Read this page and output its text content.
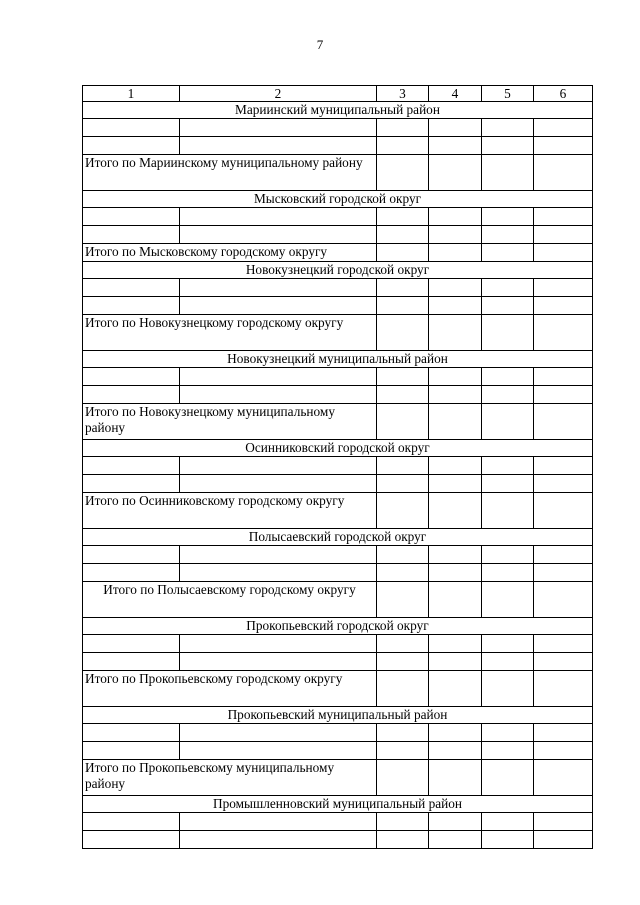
7
1	2	3	4	5	6
Мариинский муниципальный район					

Итого по Мариинскому муниципальному району					
Мысковский городской округ					

Итого по Мысковскому городскому округу					
Новокузнецкий городской округ					

Итого по Новокузнецкому городскому округу					
Новокузнецкий муниципальный район					

Итого по Новокузнецкому муниципальному району					
Осинниковский городской округ					

Итого по Осинниковскому городскому округу					
Полысаевский городской округ					

Итого по Полысаевскому городскому округу					
Прокопьевский городской округ					

Итого по Прокопьевскому городскому округу					
Прокопьевский муниципальный район					

Итого по Прокопьевскому муниципальному району					
Промышленновский муниципальный район					
